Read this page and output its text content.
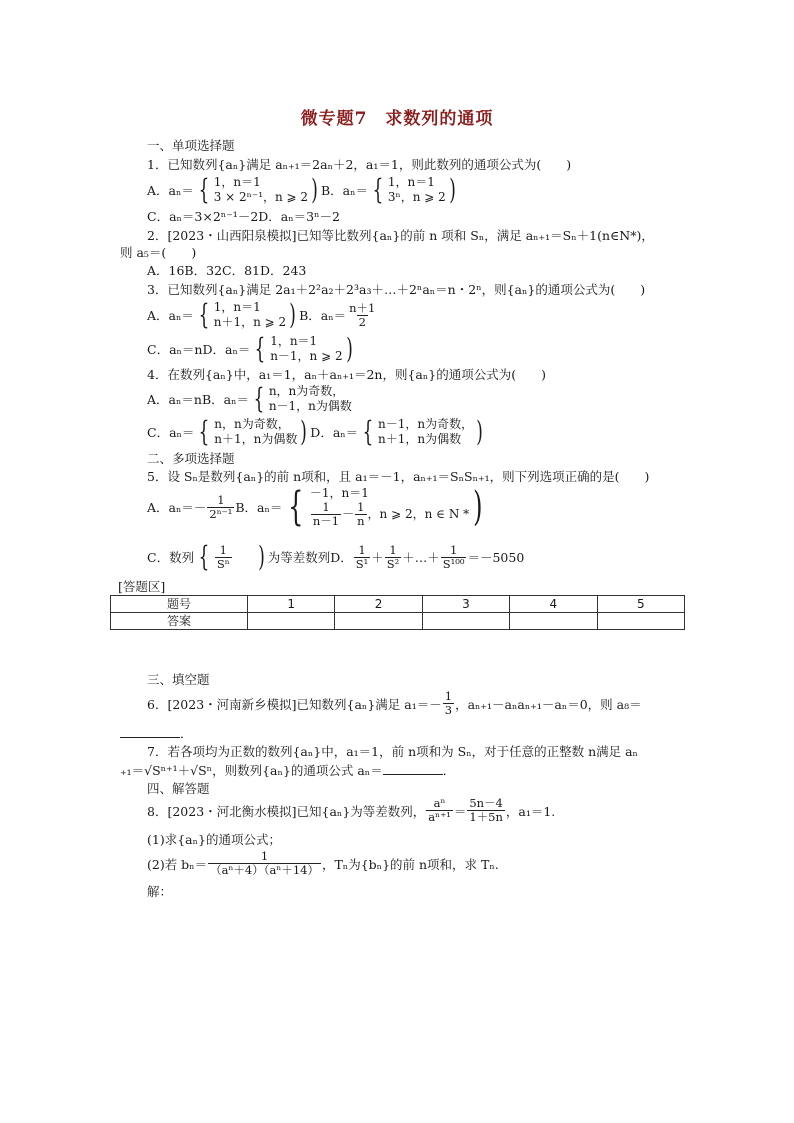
微专题7　求数列的通项
一、单项选择题
1．已知数列{aₙ}满足 aₙ₊₁＝2aₙ＋2，a₁＝1，则此数列的通项公式为(　　)
A．aₙ＝ { 1，n＝1
3 × 2ⁿ⁻¹，n ⩾ 2 ) B．aₙ＝ { 1，n＝1
3ⁿ，n ⩾ 2 )
C．aₙ＝3×2ⁿ⁻¹－2D．aₙ＝3ⁿ－2
2．[2023・山西阳泉模拟]已知等比数列{aₙ}的前 n 项和 Sₙ，满足 aₙ₊₁＝Sₙ＋1(n∈N*)，
则 a₅＝(　　)
A．16B．32C．81D．243
3．已知数列{aₙ}满足 2a₁＋2²a₂＋2³a₃＋…＋2ⁿaₙ＝n・2ⁿ，则{aₙ}的通项公式为(　　)
A．aₙ＝ { 1，n＝1
n＋1，n ⩾ 2 ) B．$a_n= \frac{n+1}{2}$
C．aₙ＝nD．aₙ＝ { 1，n＝1
n－1，n ⩾ 2 )
4．在数列{aₙ}中，a₁＝1，aₙ＋aₙ₊₁＝2n，则{aₙ}的通项公式为(　　)
A．aₙ＝nB．aₙ＝ { n，n为奇数，
n－1，n为偶数
C．aₙ＝ { n，n为奇数，
n＋1，n为偶数 ) D．aₙ＝ { n－1，n为奇数，
n＋1，n为偶数 )
二、多项选择题
5．设 Sₙ是数列{aₙ}的前 n项和，且 a₁＝－1，aₙ₊₁＝SₙSₙ₊₁，则下列选项正确的是(　　)
A．$a_n=- \frac{1}{\text{2ⁿ⁻¹}}$ B．aₙ＝ { －1，n＝1
$\frac{1}{n-1} - \frac{1}{n}$ ，n ⩾ 2，n ∈ N * )
C．数列 { $\frac{1}{\text{Sⁿ}}$ ) 为等差数列D． $\frac{1}{\text{S¹}} + \frac{1}{\text{S²}}$ ＋…＋ $\frac{1}{\text{S¹⁰⁰}} =-5050$
[答题区]
题号	1	2	3	4	5
答案					
三、填空题
6．[2023・河南新乡模拟]已知数列{aₙ}满足 $a_1=- \frac{1}{3}$ ，aₙ₊₁－aₙaₙ₊₁－aₙ＝0，则 a₈＝
．
7．若各项均为正数的数列{aₙ}中，a₁＝1，前 n项和为 Sₙ，对于任意的正整数 n满足 aₙ
₊₁＝√Sⁿ⁺¹＋√Sⁿ，则数列{aₙ}的通项公式 aₙ＝	．
四、解答题
8．[2023・河北衡水模拟]已知{aₙ}为等差数列， $\frac{\text{aⁿ}}{\text{aⁿ⁺¹}} = \frac{5n-4}{1+5n}$ ，a₁＝1.
(1)求{aₙ}的通项公式；
(2)若 $b_n= \frac{1}{\text{（aⁿ＋4）（aⁿ＋14）}}$ ，Tₙ为{bₙ}的前 n项和，求 Tₙ.
解：
